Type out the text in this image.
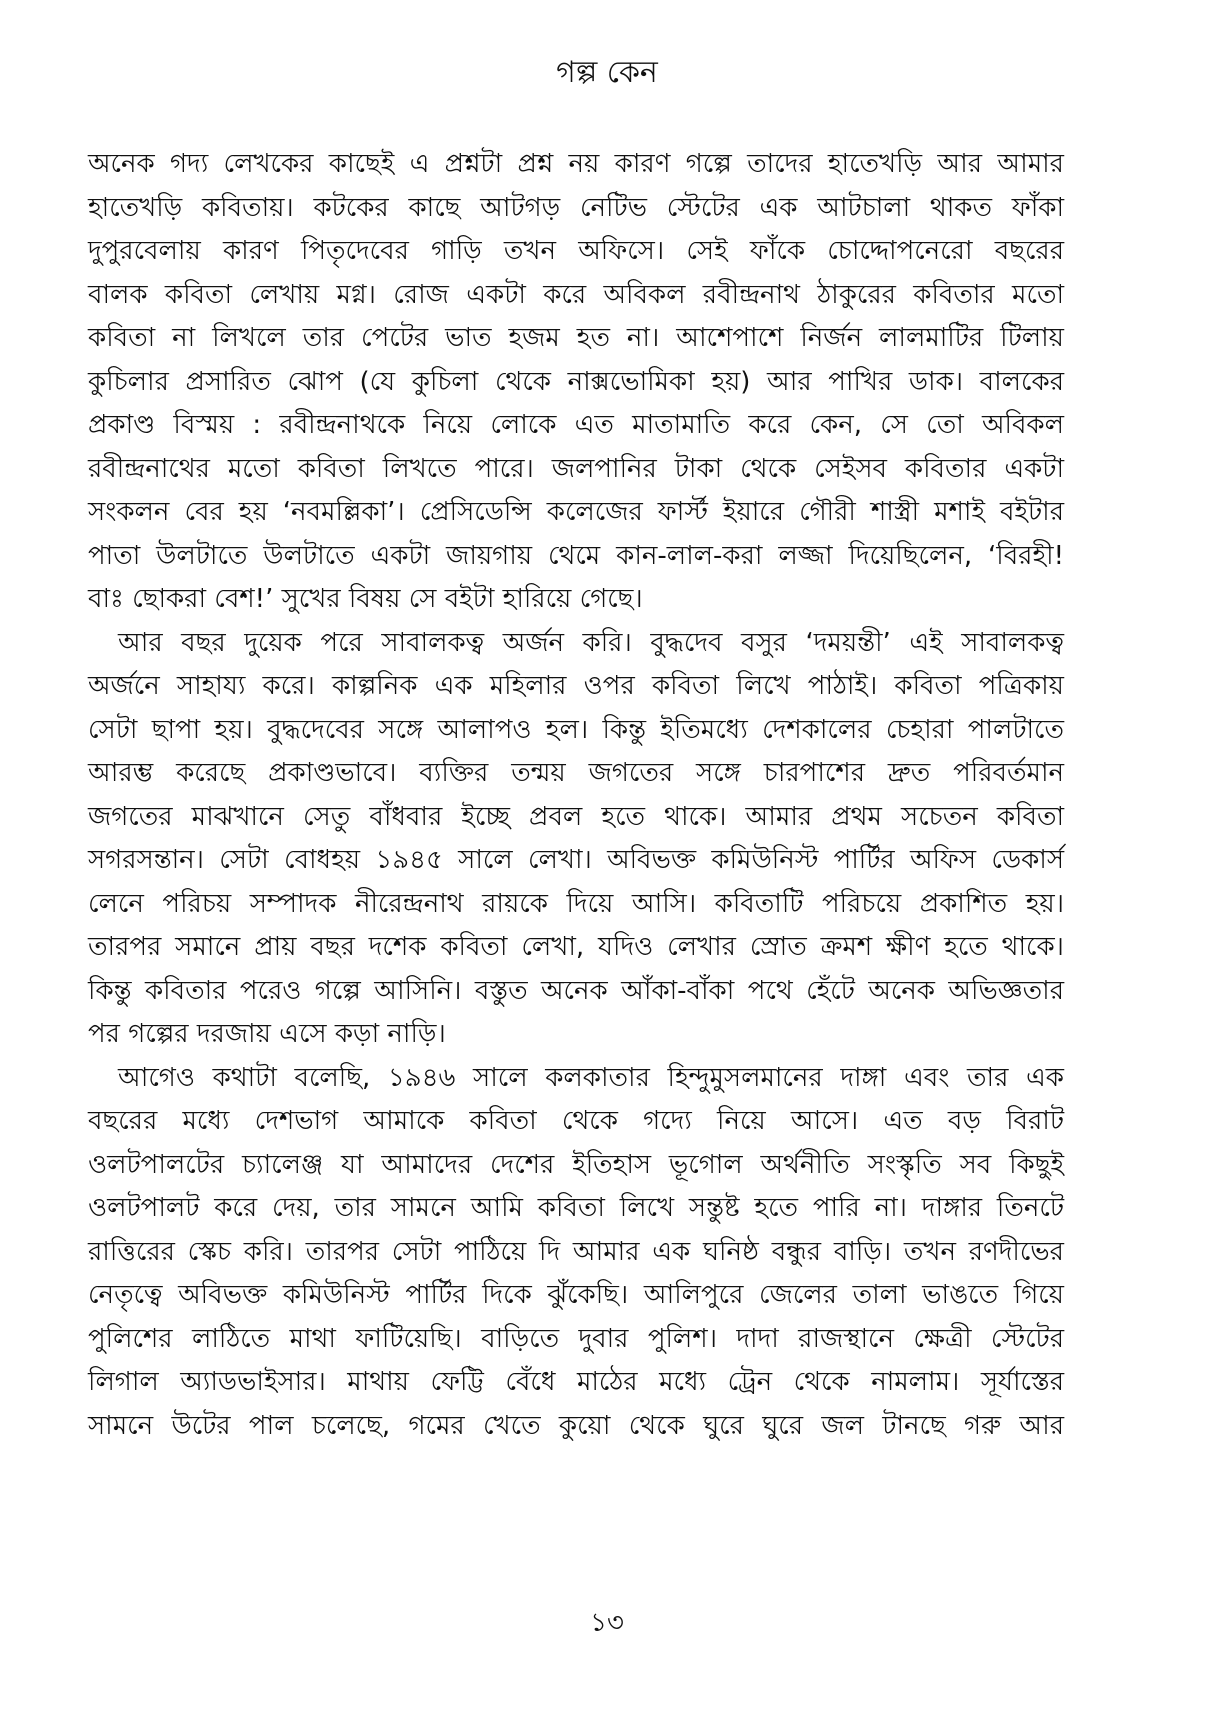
গল্প কেন
অনেক গদ্য লেখকের কাছেই এ প্রশ্নটা প্রশ্ন নয় কারণ গল্পে তাদের হাতেখড়ি আর আমার
হাতেখড়ি কবিতায়। কটকের কাছে আটগড় নেটিভ স্টেটের এক আটচালা থাকত ফাঁকা
দুপুরবেলায় কারণ পিতৃদেবের গাড়ি তখন অফিসে। সেই ফাঁকে চোদ্দোপনেরো বছরের
বালক কবিতা লেখায় মগ্ন। রোজ একটা করে অবিকল রবীন্দ্রনাথ ঠাকুরের কবিতার মতো
কবিতা না লিখলে তার পেটের ভাত হজম হত না। আশেপাশে নির্জন লালমাটির টিলায়
কুচিলার প্রসারিত ঝোপ (যে কুচিলা থেকে নাক্সভোমিকা হয়) আর পাখির ডাক। বালকের
প্রকাণ্ড বিস্ময় : রবীন্দ্রনাথকে নিয়ে লোকে এত মাতামাতি করে কেন, সে তো অবিকল
রবীন্দ্রনাথের মতো কবিতা লিখতে পারে। জলপানির টাকা থেকে সেইসব কবিতার একটা
সংকলন বের হয় ‘নবমল্লিকা’। প্রেসিডেন্সি কলেজের ফার্স্ট ইয়ারে গৌরী শাস্ত্রী মশাই বইটার
পাতা উলটাতে উলটাতে একটা জায়গায় থেমে কান-লাল-করা লজ্জা দিয়েছিলেন, ‘বিরহী!
বাঃ ছোকরা বেশ!’ সুখের বিষয় সে বইটা হারিয়ে গেছে।
আর বছর দুয়েক পরে সাবালকত্ব অর্জন করি। বুদ্ধদেব বসুর ‘দময়ন্তী’ এই সাবালকত্ব
অর্জনে সাহায্য করে। কাল্পনিক এক মহিলার ওপর কবিতা লিখে পাঠাই। কবিতা পত্রিকায়
সেটা ছাপা হয়। বুদ্ধদেবের সঙ্গে আলাপও হল। কিন্তু ইতিমধ্যে দেশকালের চেহারা পালটাতে
আরম্ভ করেছে প্রকাণ্ডভাবে। ব্যক্তির তন্ময় জগতের সঙ্গে চারপাশের দ্রুত পরিবর্তমান
জগতের মাঝখানে সেতু বাঁধবার ইচ্ছে প্রবল হতে থাকে। আমার প্রথম সচেতন কবিতা
সগরসন্তান। সেটা বোধহয় ১৯৪৫ সালে লেখা। অবিভক্ত কমিউনিস্ট পার্টির অফিস ডেকার্স
লেনে পরিচয় সম্পাদক নীরেন্দ্রনাথ রায়কে দিয়ে আসি। কবিতাটি পরিচয়ে প্রকাশিত হয়।
তারপর সমানে প্রায় বছর দশেক কবিতা লেখা, যদিও লেখার স্রোত ক্রমশ ক্ষীণ হতে থাকে।
কিন্তু কবিতার পরেও গল্পে আসিনি। বস্তুত অনেক আঁকা-বাঁকা পথে হেঁটে অনেক অভিজ্ঞতার
পর গল্পের দরজায় এসে কড়া নাড়ি।
আগেও কথাটা বলেছি, ১৯৪৬ সালে কলকাতার হিন্দুমুসলমানের দাঙ্গা এবং তার এক
বছরের মধ্যে দেশভাগ আমাকে কবিতা থেকে গদ্যে নিয়ে আসে। এত বড় বিরাট
ওলটপালটের চ্যালেঞ্জ যা আমাদের দেশের ইতিহাস ভূগোল অর্থনীতি সংস্কৃতি সব কিছুই
ওলটপালট করে দেয়, তার সামনে আমি কবিতা লিখে সন্তুষ্ট হতে পারি না। দাঙ্গার তিনটে
রাত্তিরের স্কেচ করি। তারপর সেটা পাঠিয়ে দি আমার এক ঘনিষ্ঠ বন্ধুর বাড়ি। তখন রণদীভের
নেতৃত্বে অবিভক্ত কমিউনিস্ট পার্টির দিকে ঝুঁকেছি। আলিপুরে জেলের তালা ভাঙতে গিয়ে
পুলিশের লাঠিতে মাথা ফাটিয়েছি। বাড়িতে দুবার পুলিশ। দাদা রাজস্থানে ক্ষেত্রী স্টেটের
লিগাল অ্যাডভাইসার। মাথায় ফেট্টি বেঁধে মাঠের মধ্যে ট্রেন থেকে নামলাম। সূর্যাস্তের
সামনে উটের পাল চলেছে, গমের খেতে কুয়ো থেকে ঘুরে ঘুরে জল টানছে গরু আর
১৩
